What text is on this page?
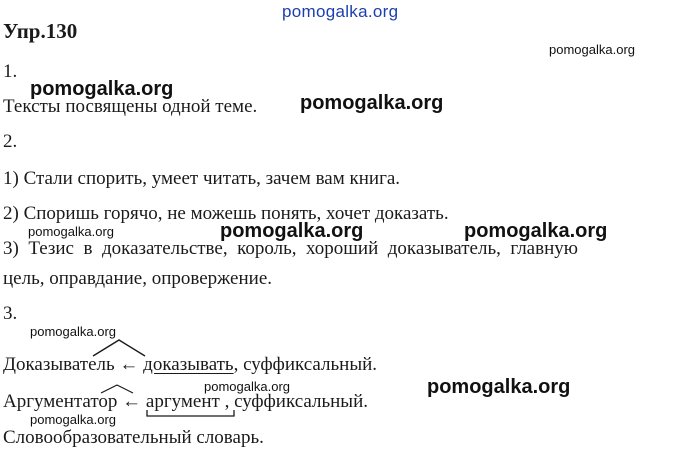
pomogalka.org
Упр.130
1.
Тексты посвящены одной теме.
2.
1) Стали спорить, умеет читать, зачем вам книга.
2) Споришь горячо, не можешь понять, хочет доказать.
3)  Тезис  в  доказательстве,  король,  хороший  доказыватель,  главную
цель, оправдание, опровержение.
3.
Доказыватель ← доказывать, суффиксальный.
Аргументатор ← аргумент , суффиксальный.
Словообразовательный словарь.
pomogalka.org
pomogalka.org
pomogalka.org
pomogalka.org	pomogalka.org	pomogalka.org
pomogalka.org
pomogalka.org	pomogalka.org
pomogalka.org
